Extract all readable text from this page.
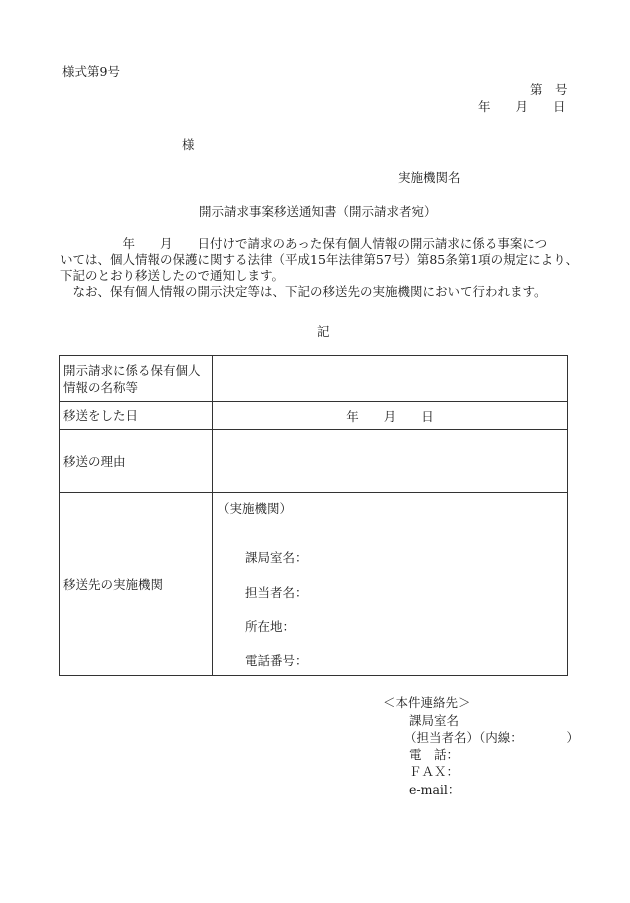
様式第9号
第　号
年　　月　　日
様
実施機関名
開示請求事案移送通知書（開示請求者宛）
　　　　　年　　月　　日付けで請求のあった保有個人情報の開示請求に係る事案につ
いては、個人情報の保護に関する法律（平成15年法律第57号）第85条第1項の規定により、
下記のとおり移送したので通知します。
　なお、保有個人情報の開示決定等は、下記の移送先の実施機関において行われます。
記
開示請求に係る保有個人
情報の名称等	

移送をした日	年　　月　　日
移送の理由	
移送先の実施機関	（実施機関）
課局室名：
担当者名：
所在地：
電話番号：
＜本件連絡先＞
課局室名
（担当者名）（内線：　　　　）
電　話：
ＦＡＸ：
e-mail：
